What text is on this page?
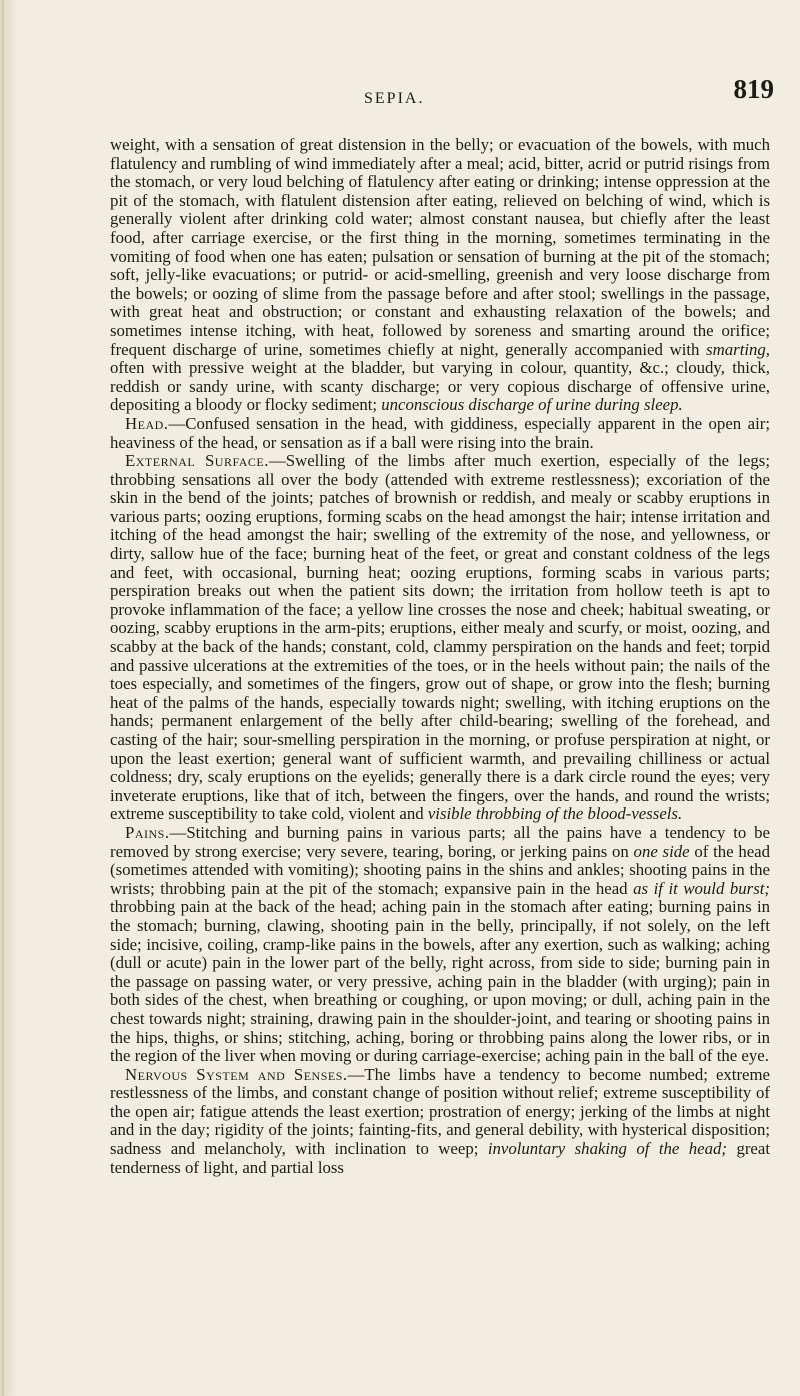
SEPIA.	819

weight, with a sensation of great distension in the belly; or evacuation of the bowels, with much flatulency and rumbling of wind immediately after a meal; acid, bitter, acrid or putrid risings from the stomach, or very loud belching of flatulency after eating or drinking; intense oppression at the pit of the stomach, with flatulent distension after eating, relieved on belching of wind, which is generally violent after drinking cold water; almost constant nausea, but chiefly after the least food, after carriage exercise, or the first thing in the morning, sometimes terminating in the vomiting of food when one has eaten; pulsation or sensation of burning at the pit of the stomach; soft, jelly-like evacuations; or putrid- or acid-smelling, greenish and very loose discharge from the bowels; or oozing of slime from the passage before and after stool; swellings in the passage, with great heat and obstruction; or constant and exhausting relaxation of the bowels; and sometimes intense itching, with heat, followed by soreness and smarting around the orifice; frequent discharge of urine, sometimes chiefly at night, generally accompanied with smarting, often with pressive weight at the bladder, but varying in colour, quantity, &c.; cloudy, thick, reddish or sandy urine, with scanty discharge; or very copious discharge of offensive urine, depositing a bloody or flocky sediment; unconscious discharge of urine during sleep.

Head.—Confused sensation in the head, with giddiness, especially apparent in the open air; heaviness of the head, or sensation as if a ball were rising into the brain.

External Surface.—Swelling of the limbs after much exertion, especially of the legs; throbbing sensations all over the body (attended with extreme restlessness); excoriation of the skin in the bend of the joints; patches of brownish or reddish, and mealy or scabby eruptions in various parts; oozing eruptions, forming scabs on the head amongst the hair; intense irritation and itching of the head amongst the hair; swelling of the extremity of the nose, and yellowness, or dirty, sallow hue of the face; burning heat of the feet, or great and constant coldness of the legs and feet, with occasional, burning heat; oozing eruptions, forming scabs in various parts; perspiration breaks out when the patient sits down; the irritation from hollow teeth is apt to provoke inflammation of the face; a yellow line crosses the nose and cheek; habitual sweating, or oozing, scabby eruptions in the arm-pits; eruptions, either mealy and scurfy, or moist, oozing, and scabby at the back of the hands; constant, cold, clammy perspiration on the hands and feet; torpid and passive ulcerations at the extremities of the toes, or in the heels without pain; the nails of the toes especially, and sometimes of the fingers, grow out of shape, or grow into the flesh; burning heat of the palms of the hands, especially towards night; swelling, with itching eruptions on the hands; permanent enlargement of the belly after child-bearing; swelling of the forehead, and casting of the hair; sour-smelling perspiration in the morning, or profuse perspiration at night, or upon the least exertion; general want of sufficient warmth, and prevailing chilliness or actual coldness; dry, scaly eruptions on the eyelids; generally there is a dark circle round the eyes; very inveterate eruptions, like that of itch, between the fingers, over the hands, and round the wrists; extreme susceptibility to take cold, violent and visible throbbing of the blood-vessels.

Pains.—Stitching and burning pains in various parts; all the pains have a tendency to be removed by strong exercise; very severe, tearing, boring, or jerking pains on one side of the head (sometimes attended with vomiting); shooting pains in the shins and ankles; shooting pains in the wrists; throbbing pain at the pit of the stomach; expansive pain in the head as if it would burst; throbbing pain at the back of the head; aching pain in the stomach after eating; burning pains in the stomach; burning, clawing, shooting pain in the belly, principally, if not solely, on the left side; incisive, coiling, cramp-like pains in the bowels, after any exertion, such as walking; aching (dull or acute) pain in the lower part of the belly, right across, from side to side; burning pain in the passage on passing water, or very pressive, aching pain in the bladder (with urging); pain in both sides of the chest, when breathing or coughing, or upon moving; or dull, aching pain in the chest towards night; straining, drawing pain in the shoulder-joint, and tearing or shooting pains in the hips, thighs, or shins; stitching, aching, boring or throbbing pains along the lower ribs, or in the region of the liver when moving or during carriage-exercise; aching pain in the ball of the eye.

Nervous System and Senses.—The limbs have a tendency to become numbed; extreme restlessness of the limbs, and constant change of position without relief; extreme susceptibility of the open air; fatigue attends the least exertion; prostration of energy; jerking of the limbs at night and in the day; rigidity of the joints; fainting-fits, and general debility, with hysterical disposition; sadness and melancholy, with inclination to weep; involuntary shaking of the head; great tenderness of light, and partial loss
